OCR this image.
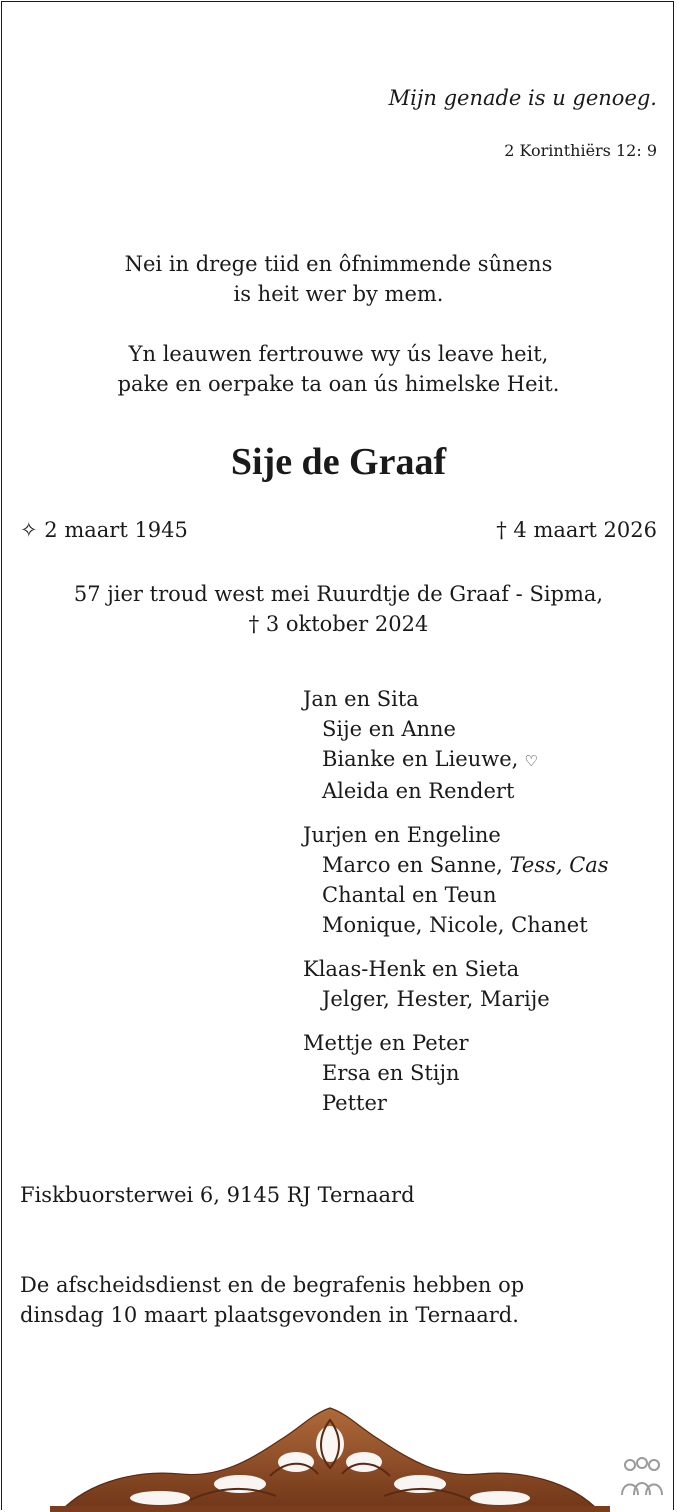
Mijn genade is u genoeg.
2 Korinthiërs 12: 9
Nei in drege tiid en ôfnimmende sûnens
is heit wer by mem.
Yn leauwen fertrouwe wy ús leave heit,
pake en oerpake ta oan ús himelske Heit.
Sije de Graaf
✧ 2 maart 1945	† 4 maart 2026
57 jier troud west mei Ruurdtje de Graaf - Sipma,
† 3 oktober 2024
Jan en Sita
Sije en Anne
Bianke en Lieuwe, ♡
Aleida en Rendert
Jurjen en Engeline
Marco en Sanne, Tess, Cas
Chantal en Teun
Monique, Nicole, Chanet
Klaas-Henk en Sieta
Jelger, Hester, Marije
Mettje en Peter
Ersa en Stijn
Petter
Fiskbuorsterwei 6, 9145 RJ Ternaard
De afscheidsdienst en de begrafenis hebben op
dinsdag 10 maart plaatsgevonden in Ternaard.
